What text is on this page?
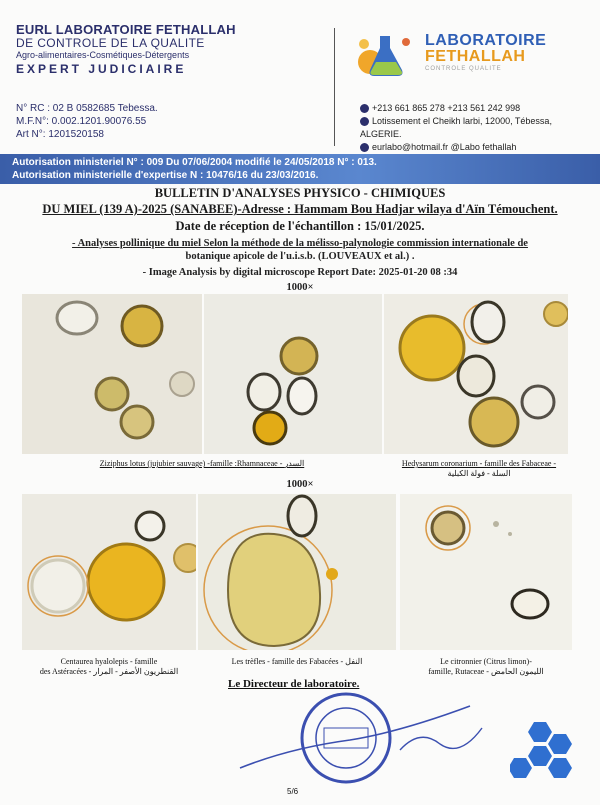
EURL LABORATOIRE FETHALLAH
DE CONTROLE DE LA QUALITE
Agro-alimentaires-Cosmétiques-Détergents
EXPERT JUDICIAIRE
N° RC : 02 B 0582685 Tebessa.
M.F.N°: 0.002.1201.90076.55
Art N°: 1201520158
LABORATOIRE
FETHALLAH
CONTROLE QUALITE
+213 661 865 278 +213 561 242 998
Lotissement el Cheikh larbi, 12000, Tébessa, ALGERIE.
eurlabo@hotmail.fr @Labo fethallah
Autorisation ministeriel N° : 009 Du 07/06/2004 modifié le 24/05/2018 N° : 013.
Autorisation ministerielle d'expertise N : 10476/16 du 23/03/2016.
BULLETIN D'ANALYSES PHYSICO - CHIMIQUES
DU MIEL (139 A)-2025 (SANABEE)-Adresse : Hammam Bou Hadjar wilaya d'Aïn Témouchent.
Date de réception de l'échantillon : 15/01/2025.
- Analyses pollinique du miel Selon la méthode de la mélisso-palynologie commission internationale de
botanique apicole de l'u.i.s.b. (LOUVEAUX et al.) .
- Image Analysis by digital microscope Report Date: 2025-01-20 08 :34
1000×
Ziziphus lotus (jujubier sauvage) -famille :Rhamnaceae - السدر	Hedysarum coronarium - famille des Fabaceae -
السلة - فولة الكبلية
1000×
Centaurea hyalolepis - famille
des Astéracées - القنطريون الأصفر - المرار
Les trèfles - famille des Fabacées - النفل	Le citronnier (Citrus limon)-
famille, Rutaceae - الليمون الحامض
Le Directeur de laboratoire.
5/6
